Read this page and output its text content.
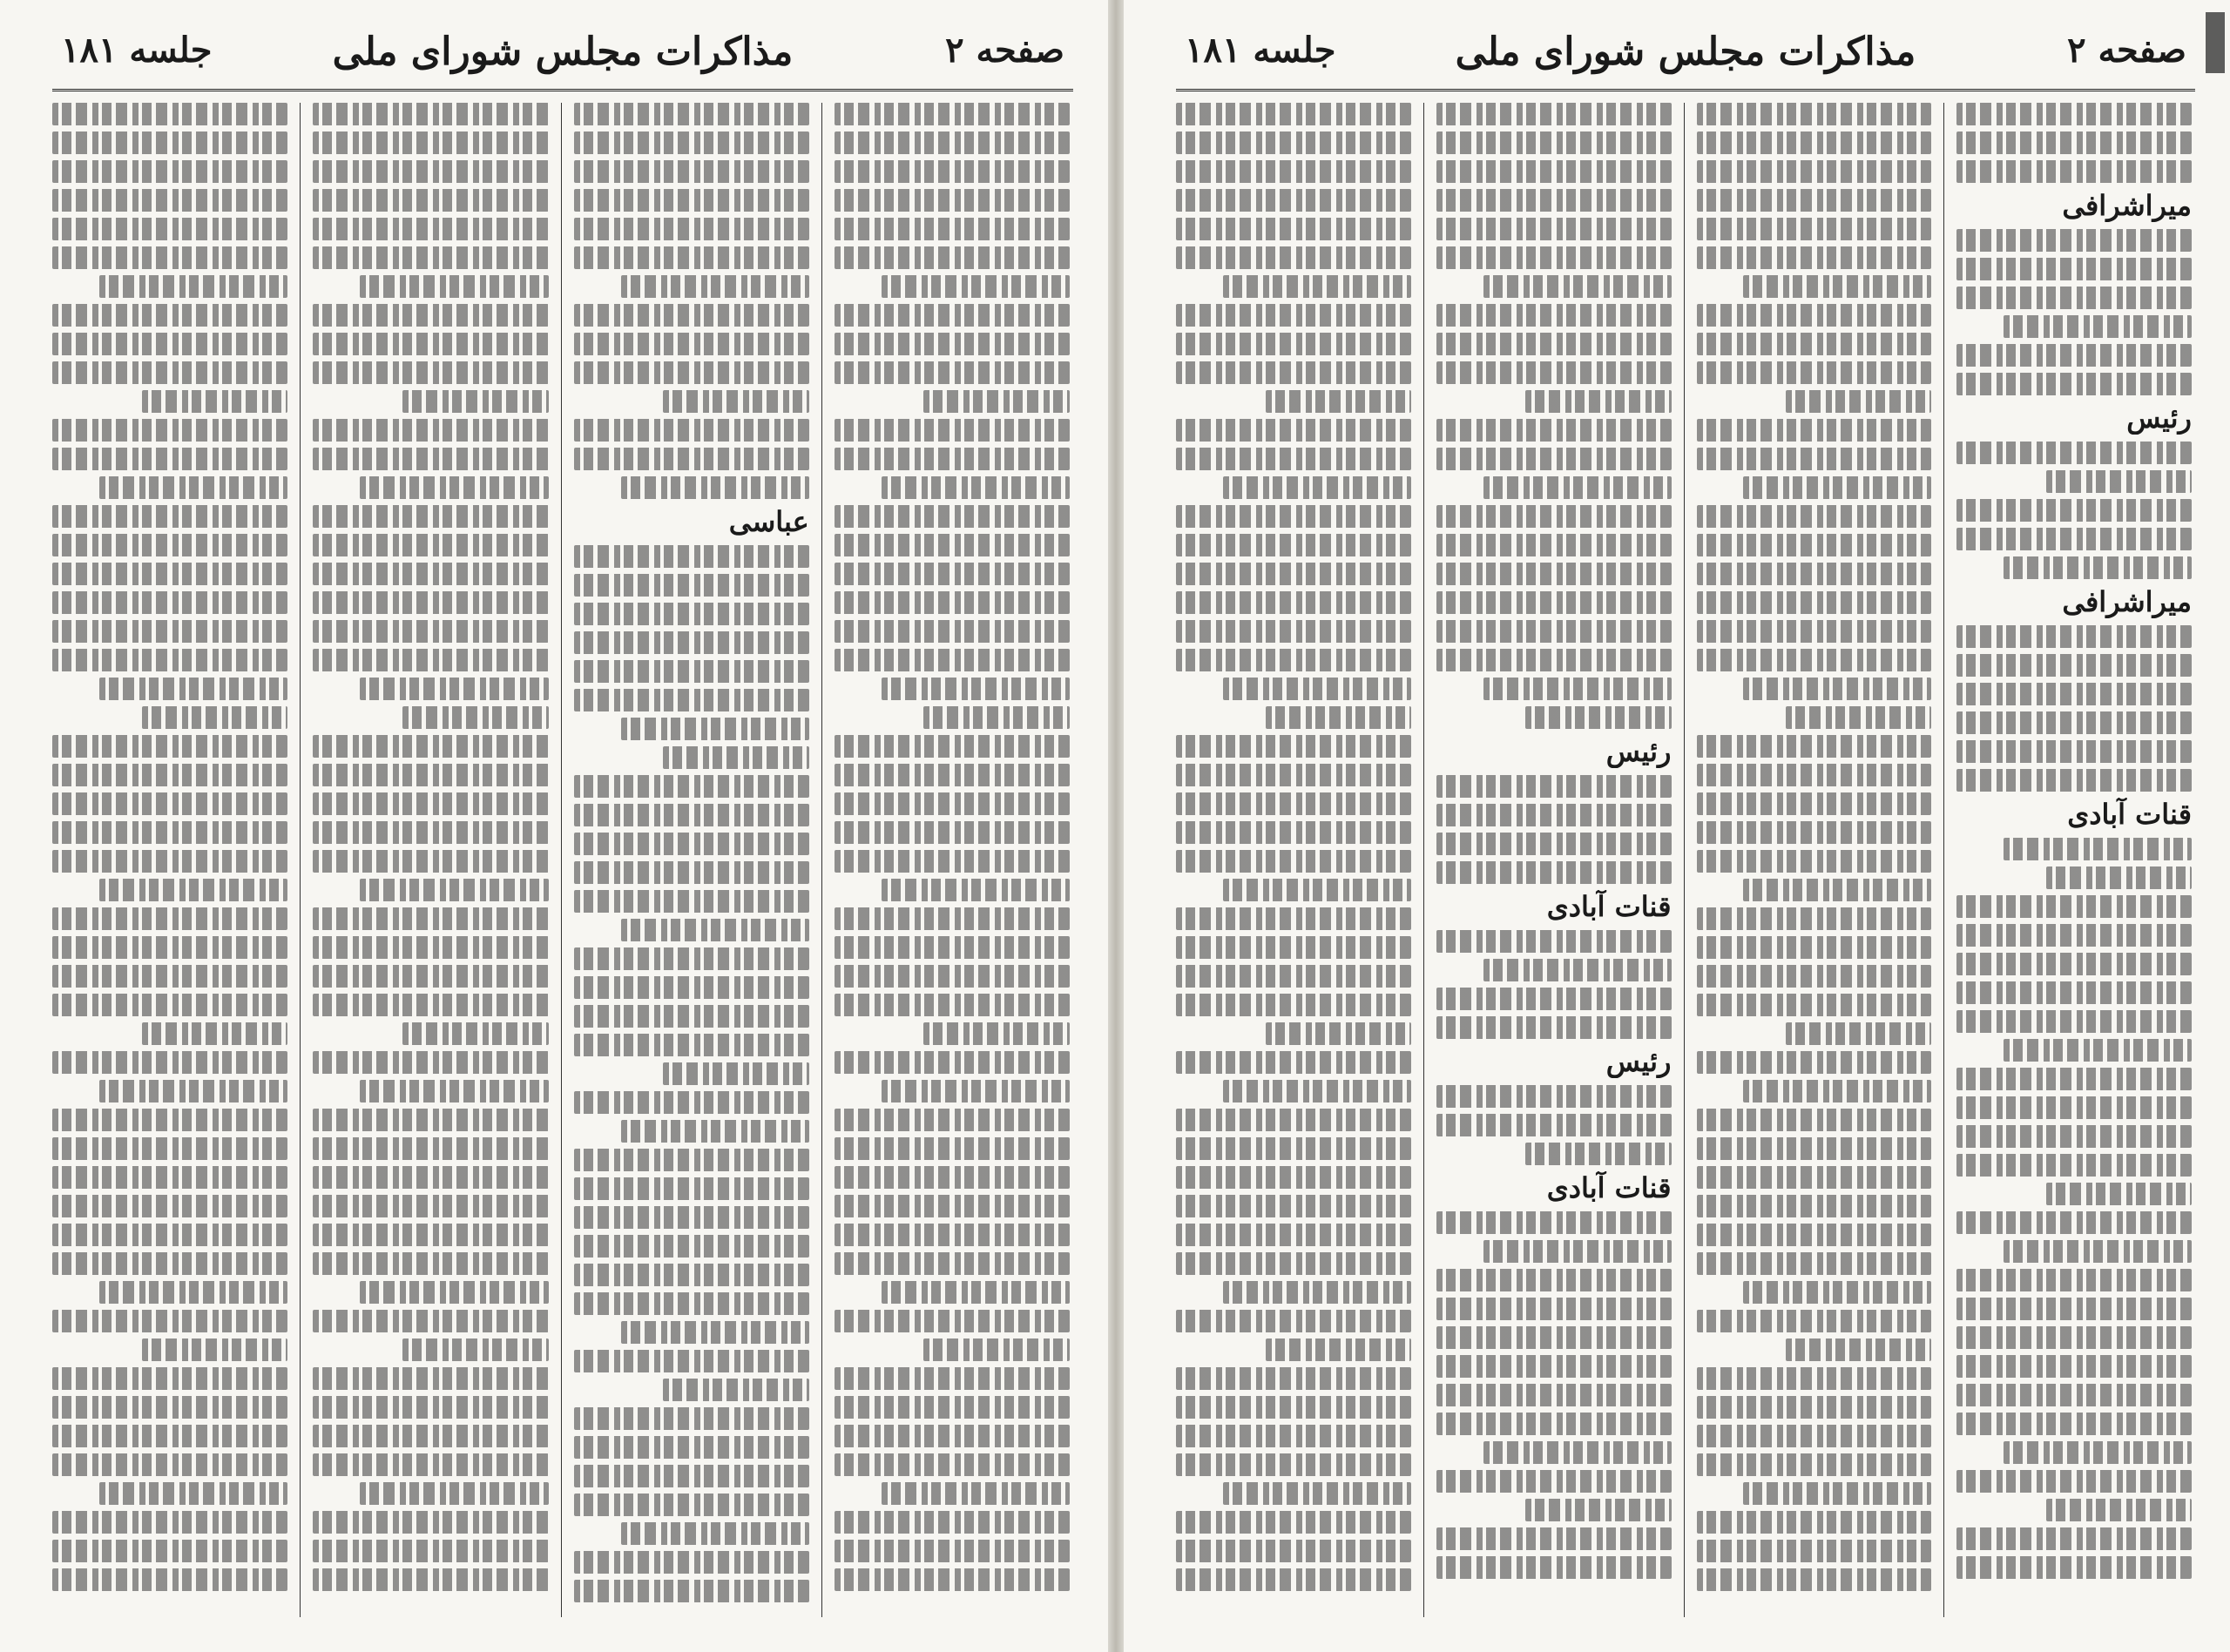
صفحه ۲
مذاکرات مجلس شورای ملی
جلسه ۱۸۱
عباسی
صفحه ۲
مذاکرات مجلس شورای ملی
جلسه ۱۸۱
میراشرافی
رئیس
میراشرافی
قنات آبادی
رئیس
قنات آبادی
رئیس
قنات آبادی
